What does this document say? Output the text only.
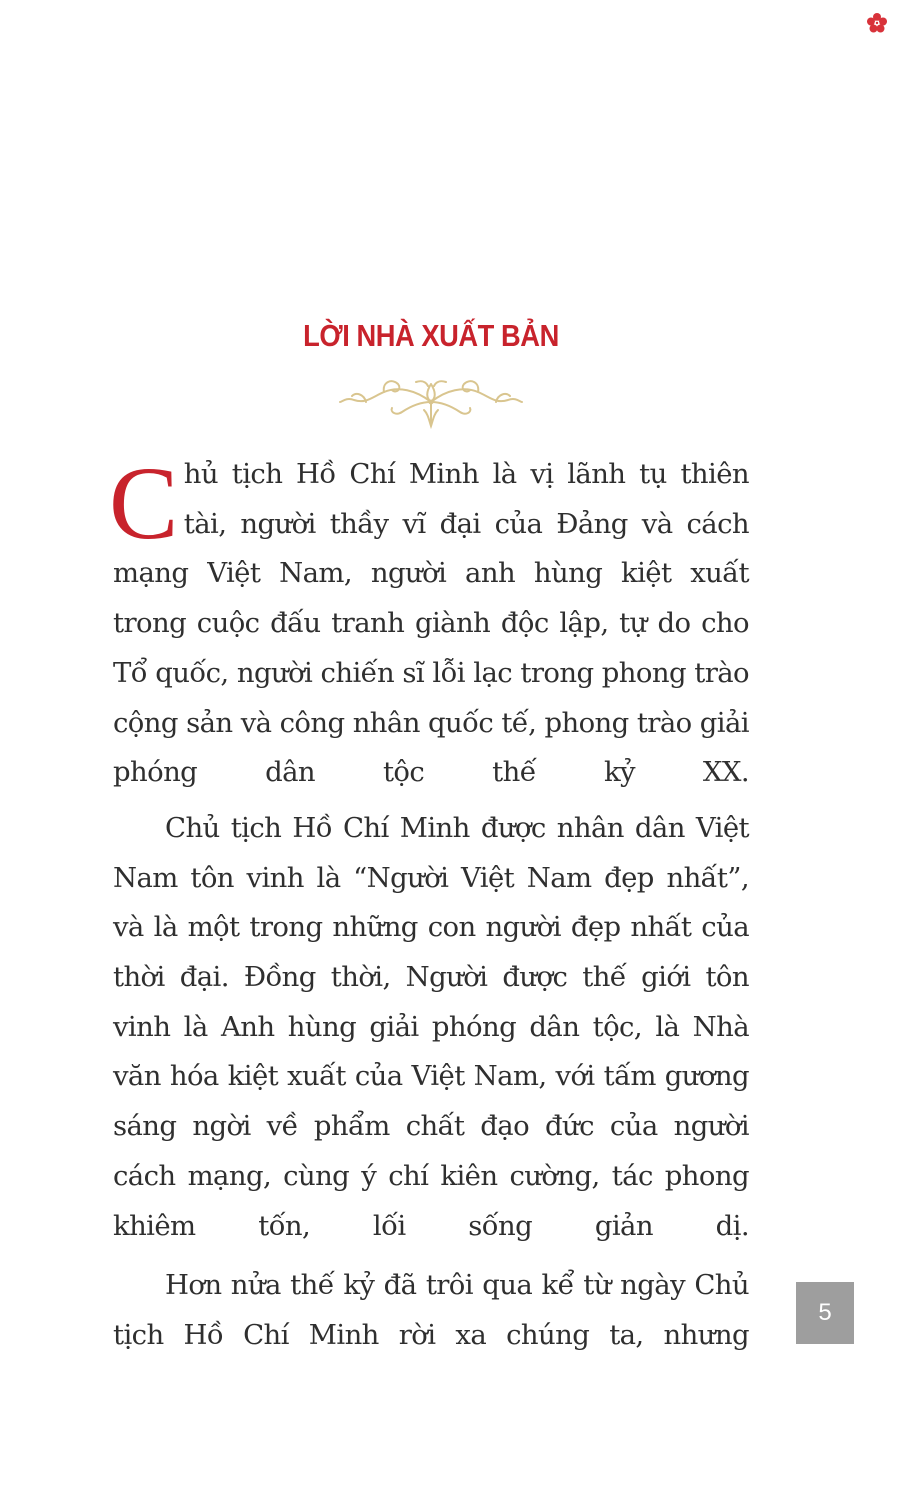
LỜI NHÀ XUẤT BẢN

Chủ tịch Hồ Chí Minh là vị lãnh tụ thiên tài, người thầy vĩ đại của Đảng và cách mạng Việt Nam, người anh hùng kiệt xuất trong cuộc đấu tranh giành độc lập, tự do cho Tổ quốc, người chiến sĩ lỗi lạc trong phong trào cộng sản và công nhân quốc tế, phong trào giải phóng dân tộc thế kỷ XX.

Chủ tịch Hồ Chí Minh được nhân dân Việt Nam tôn vinh là “Người Việt Nam đẹp nhất”, và là một trong những con người đẹp nhất của thời đại. Đồng thời, Người được thế giới tôn vinh là Anh hùng giải phóng dân tộc, là Nhà văn hóa kiệt xuất của Việt Nam, với tấm gương sáng ngời về phẩm chất đạo đức của người cách mạng, cùng ý chí kiên cường, tác phong khiêm tốn, lối sống giản dị.

Hơn nửa thế kỷ đã trôi qua kể từ ngày Chủ tịch Hồ Chí Minh rời xa chúng ta, nhưng

5
